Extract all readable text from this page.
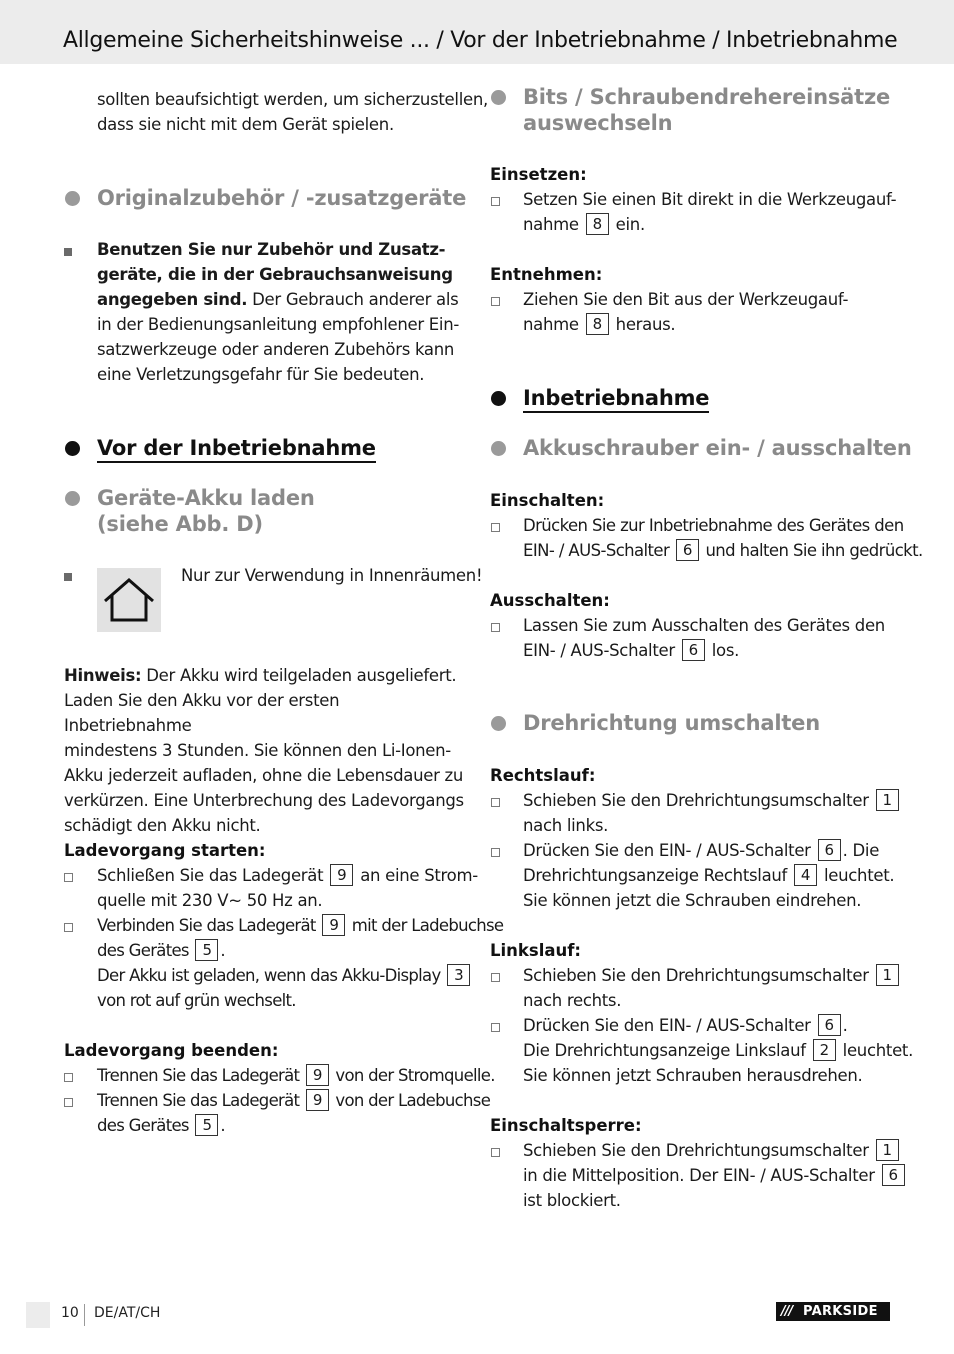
Allgemeine Sicherheitshinweise ... / Vor der Inbetriebnahme / Inbetriebnahme
sollten beaufsichtigt werden, um sicherzustellen,
dass sie nicht mit dem Gerät spielen.
Originalzubehör / -zusatzgeräte
Benutzen Sie nur Zubehör und Zusatz-
geräte, die in der Gebrauchsanweisung
angegeben sind. Der Gebrauch anderer als
in der Bedienungsanleitung empfohlener Ein-
satzwerkzeuge oder anderen Zubehörs kann
eine Verletzungsgefahr für Sie bedeuten.
Vor der Inbetriebnahme
Geräte-Akku laden
(siehe Abb. D)
Nur zur Verwendung in Innenräumen!
Hinweis: Der Akku wird teilgeladen ausgeliefert.
Laden Sie den Akku vor der ersten Inbetriebnahme
mindestens 3 Stunden. Sie können den Li-Ionen-
Akku jederzeit aufladen, ohne die Lebensdauer zu
verkürzen. Eine Unterbrechung des Ladevorgangs
schädigt den Akku nicht.
Ladevorgang starten:
Schließen Sie das Ladegerät 9 an eine Strom-
quelle mit 230 V~ 50 Hz an.
Verbinden Sie das Ladegerät 9 mit der Ladebuchse
des Gerätes 5 .
Der Akku ist geladen, wenn das Akku-Display 3
von rot auf grün wechselt.
Ladevorgang beenden:
Trennen Sie das Ladegerät 9 von der Stromquelle.
Trennen Sie das Ladegerät 9 von der Ladebuchse
des Gerätes 5 .
Bits / Schraubendrehereinsätze
auswechseln
Einsetzen:
Setzen Sie einen Bit direkt in die Werkzeugauf-
nahme 8 ein.
Entnehmen:
Ziehen Sie den Bit aus der Werkzeugauf-
nahme 8 heraus.
Inbetriebnahme
Akkuschrauber ein- / ausschalten
Einschalten:
Drücken Sie zur Inbetriebnahme des Gerätes den
EIN- / AUS-Schalter 6 und halten Sie ihn gedrückt.
Ausschalten:
Lassen Sie zum Ausschalten des Gerätes den
EIN- / AUS-Schalter 6 los.
Drehrichtung umschalten
Rechtslauf:
Schieben Sie den Drehrichtungsumschalter 1
nach links.
Drücken Sie den EIN- / AUS-Schalter 6 . Die
Drehrichtungsanzeige Rechtslauf 4 leuchtet.
Sie können jetzt die Schrauben eindrehen.
Linkslauf:
Schieben Sie den Drehrichtungsumschalter 1
nach rechts.
Drücken Sie den EIN- / AUS-Schalter 6 .
Die Drehrichtungsanzeige Linkslauf 2 leuchtet.
Sie können jetzt Schrauben herausdrehen.
Einschaltsperre:
Schieben Sie den Drehrichtungsumschalter 1
in die Mittelposition. Der EIN- / AUS-Schalter 6
ist blockiert.
10 DE/AT/CH	/// PARKSIDE
